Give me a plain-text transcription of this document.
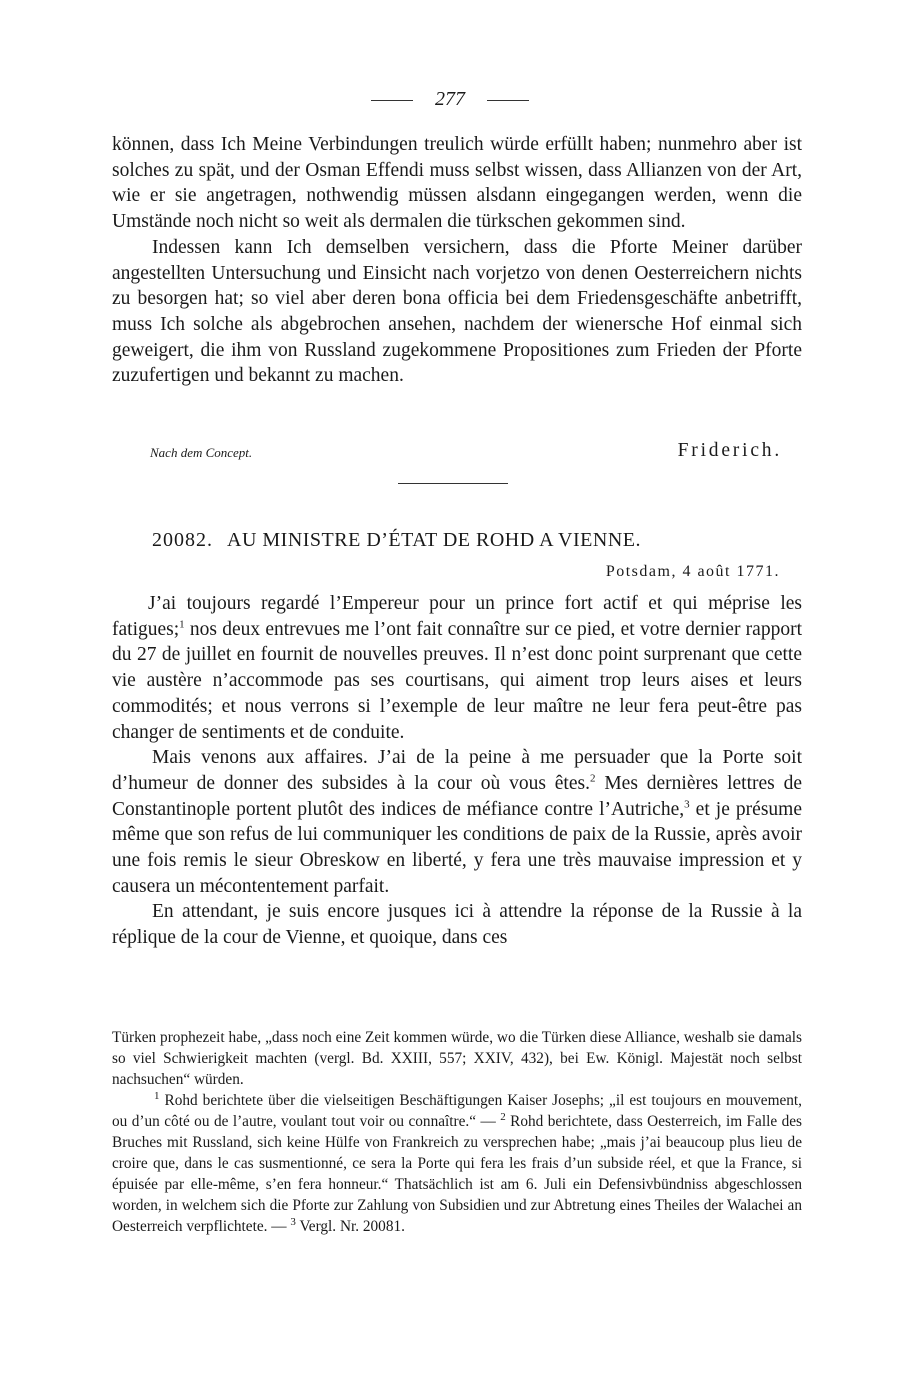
277

können, dass Ich Meine Verbindungen treulich würde erfüllt haben; nunmehro aber ist solches zu spät, und der Osman Effendi muss selbst wissen, dass Allianzen von der Art, wie er sie angetragen, nothwendig müssen alsdann eingegangen werden, wenn die Umstände noch nicht so weit als dermalen die türkschen gekommen sind.

Indessen kann Ich demselben versichern, dass die Pforte Meiner darüber angestellten Untersuchung und Einsicht nach vorjetzo von denen Oesterreichern nichts zu besorgen hat; so viel aber deren bona officia bei dem Friedensgeschäfte anbetrifft, muss Ich solche als abgebrochen ansehen, nachdem der wienersche Hof einmal sich geweigert, die ihm von Russland zugekommene Propositiones zum Frieden der Pforte zuzufertigen und bekannt zu machen.

Nach dem Concept.	Friderich.
20082. AU MINISTRE D’ÉTAT DE ROHD A VIENNE.
Potsdam, 4 août 1771.

J’ai toujours regardé l’Empereur pour un prince fort actif et qui méprise les fatigues;$^1$ nos deux entrevues me l’ont fait connaître sur ce pied, et votre dernier rapport du 27 de juillet en fournit de nouvelles preuves. Il n’est donc point surprenant que cette vie austère n’accommode pas ses courtisans, qui aiment trop leurs aises et leurs commodités; et nous verrons si l’exemple de leur maître ne leur fera peut-être pas changer de sentiments et de conduite.

Mais venons aux affaires. J’ai de la peine à me persuader que la Porte soit d’humeur de donner des subsides à la cour où vous êtes.$^2$ Mes dernières lettres de Constantinople portent plutôt des indices de méfiance contre l’Autriche,$^3$ et je présume même que son refus de lui communiquer les conditions de paix de la Russie, après avoir une fois remis le sieur Obreskow en liberté, y fera une très mauvaise impression et y causera un mécontentement parfait.

En attendant, je suis encore jusques ici à attendre la réponse de la Russie à la réplique de la cour de Vienne, et quoique, dans ces

Türken prophezeit habe, „dass noch eine Zeit kommen würde, wo die Türken diese Alliance, weshalb sie damals so viel Schwierigkeit machten (vergl. Bd. XXIII, 557; XXIV, 432), bei Ew. Königl. Majestät noch selbst nachsuchen“ würden.

$^1$ Rohd berichtete über die vielseitigen Beschäftigungen Kaiser Josephs; „il est toujours en mouvement, ou d’un côté ou de l’autre, voulant tout voir ou connaître.“ — $^2$ Rohd berichtete, dass Oesterreich, im Falle des Bruches mit Russland, sich keine Hülfe von Frankreich zu versprechen habe; „mais j’ai beaucoup plus lieu de croire que, dans le cas susmentionné, ce sera la Porte qui fera les frais d’un subside réel, et que la France, si épuisée par elle-même, s’en fera honneur.“ Thatsächlich ist am 6. Juli ein Defensivbündniss abgeschlossen worden, in welchem sich die Pforte zur Zahlung von Subsidien und zur Abtretung eines Theiles der Walachei an Oesterreich verpflichtete. — $^3$ Vergl. Nr. 20081.
